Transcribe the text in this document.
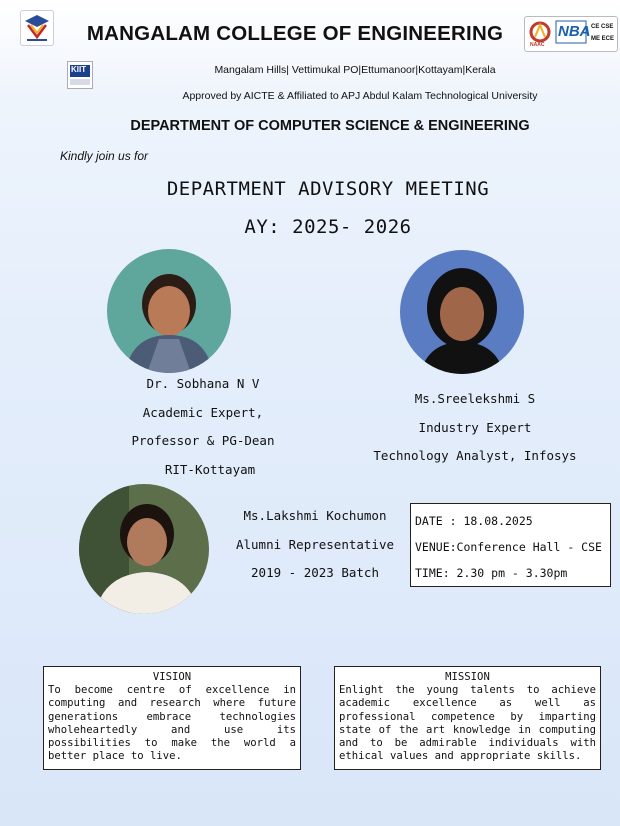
KIIT
NAAC
NBA CE CSE
ME ECE
MANGALAM COLLEGE OF ENGINEERING
Mangalam Hills| Vettimukal PO|Ettumanoor|Kottayam|Kerala
Approved by AICTE & Affiliated to APJ Abdul Kalam Technological University
DEPARTMENT OF COMPUTER SCIENCE & ENGINEERING
Kindly join us for
DEPARTMENT ADVISORY MEETING
AY: 2025- 2026
Dr. Sobhana N V
Academic Expert,
Professor & PG-Dean
RIT-Kottayam
Ms.Sreelekshmi S
Industry Expert
Technology Analyst, Infosys
Ms.Lakshmi Kochumon
Alumni Representative
2019 - 2023 Batch
DATE : 18.08.2025
VENUE:Conference Hall - CSE
TIME: 2.30 pm - 3.30pm
VISION
To become centre of excellence in computing and research where future generations embrace technologies wholeheartedly and use its possibilities to make the world a better place to live.
MISSION
Enlight the young talents to achieve academic excellence as well as professional competence by imparting state of the art knowledge in computing and to be admirable individuals with ethical values and appropriate skills.
